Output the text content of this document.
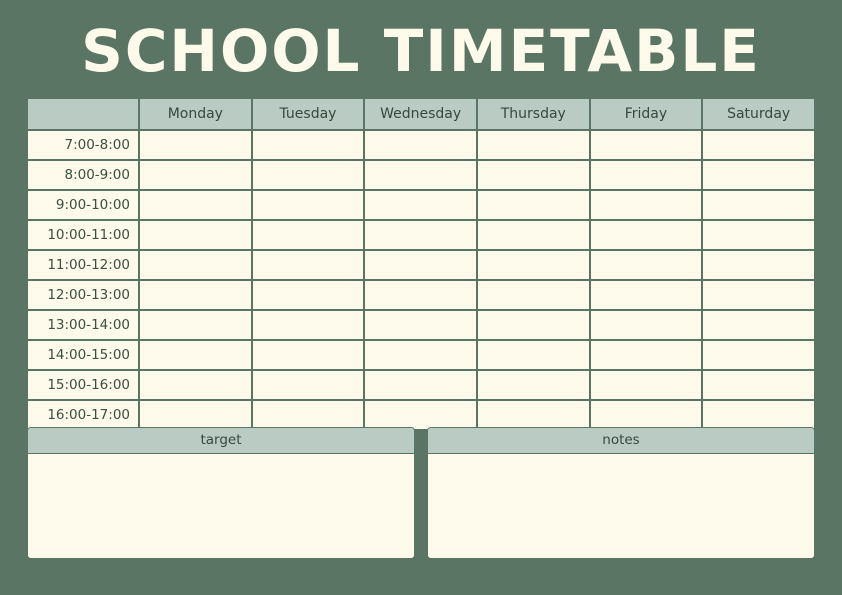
SCHOOL TIMETABLE
	Monday	Tuesday	Wednesday	Thursday	Friday	Saturday
7:00-8:00						
8:00-9:00						
9:00-10:00						
10:00-11:00						
11:00-12:00						
12:00-13:00						
13:00-14:00						
14:00-15:00						
15:00-16:00						
16:00-17:00						
target	notes
